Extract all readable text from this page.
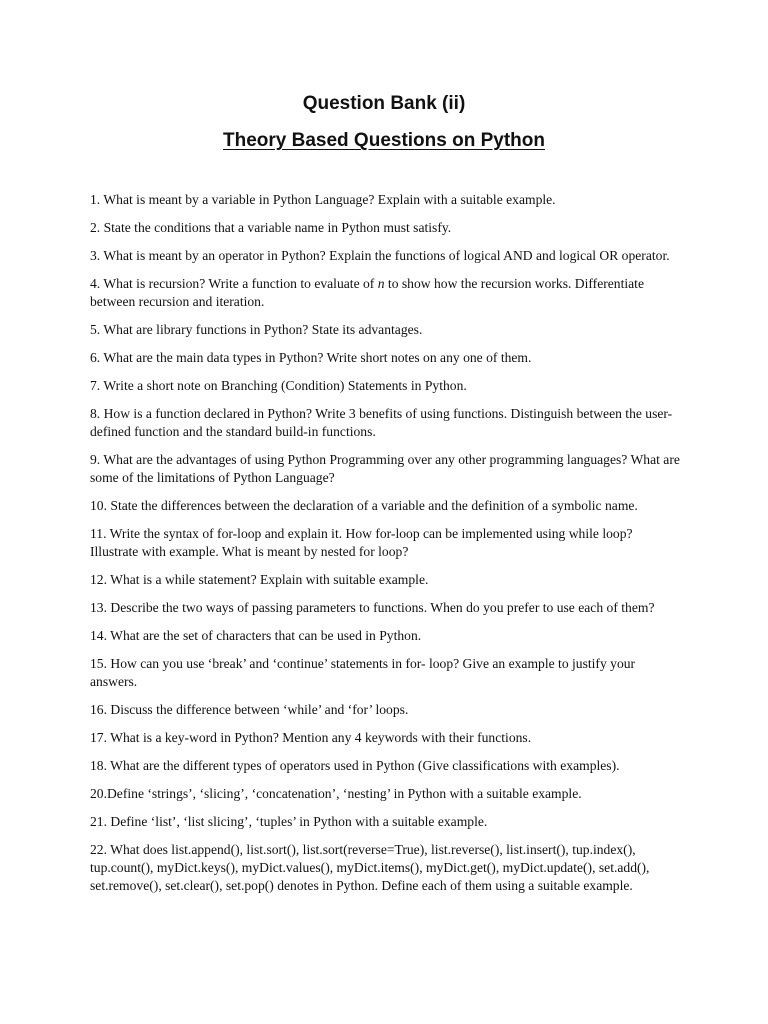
Question Bank (ii)
Theory Based Questions on Python
1. What is meant by a variable in Python Language? Explain with a suitable example.
2. State the conditions that a variable name in Python must satisfy.
3. What is meant by an operator in Python? Explain the functions of logical AND and logical OR operator.
4. What is recursion? Write a function to evaluate of n to show how the recursion works. Differentiate between recursion and iteration.
5. What are library functions in Python? State its advantages.
6. What are the main data types in Python? Write short notes on any one of them.
7. Write a short note on Branching (Condition) Statements in Python.
8. How is a function declared in Python? Write 3 benefits of using functions. Distinguish between the user-defined function and the standard build-in functions.
9. What are the advantages of using Python Programming over any other programming languages? What are some of the limitations of Python Language?
10. State the differences between the declaration of a variable and the definition of a symbolic name.
11. Write the syntax of for-loop and explain it. How for-loop can be implemented using while loop? Illustrate with example. What is meant by nested for loop?
12. What is a while statement? Explain with suitable example.
13. Describe the two ways of passing parameters to functions. When do you prefer to use each of them?
14. What are the set of characters that can be used in Python.
15. How can you use ‘break’ and ‘continue’ statements in for- loop? Give an example to justify your answers.
16. Discuss the difference between ‘while’ and ‘for’ loops.
17. What is a key-word in Python? Mention any 4 keywords with their functions.
18. What are the different types of operators used in Python (Give classifications with examples).
20.Define ‘strings’, ‘slicing’, ‘concatenation’, ‘nesting’ in Python with a suitable example.
21. Define ‘list’, ‘list slicing’, ‘tuples’ in Python with a suitable example.
22. What does list.append(), list.sort(), list.sort(reverse=True), list.reverse(), list.insert(), tup.index(), tup.count(), myDict.keys(), myDict.values(), myDict.items(), myDict.get(), myDict.update(), set.add(), set.remove(), set.clear(), set.pop() denotes in Python. Define each of them using a suitable example.
